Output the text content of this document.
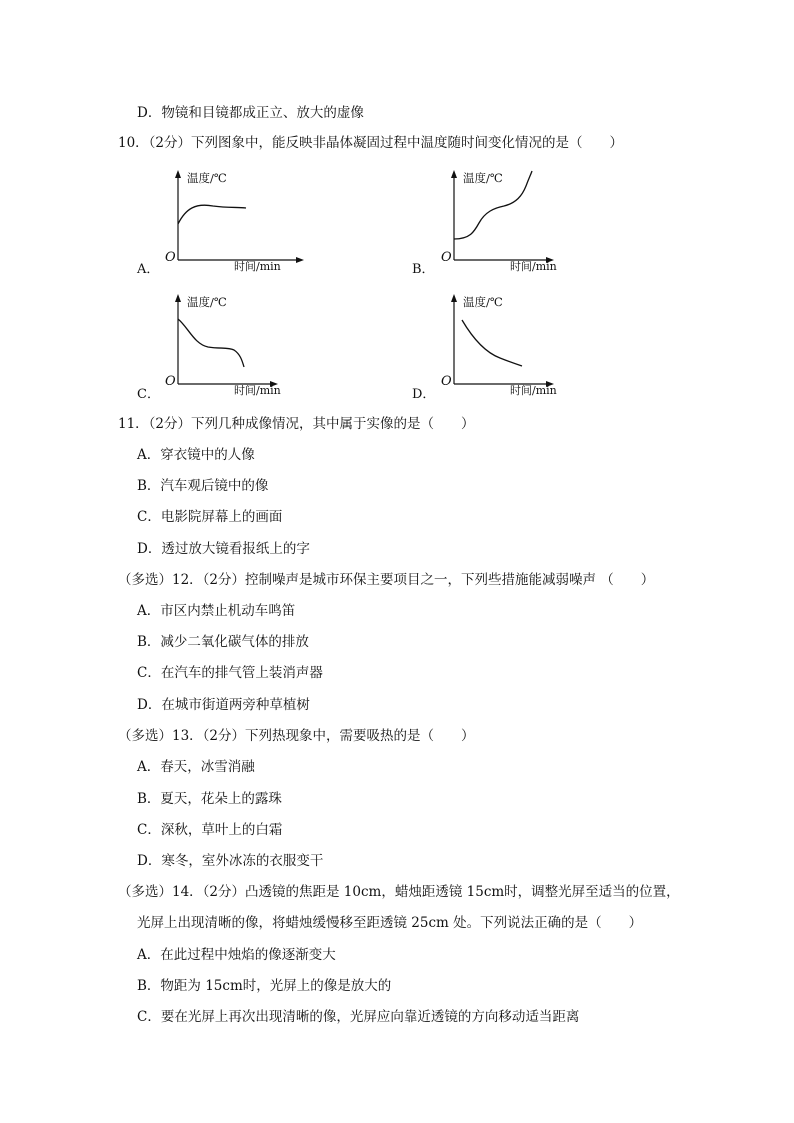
D．物镜和目镜都成正立、放大的虚像
10．（2分）下列图象中，能反映非晶体凝固过程中温度随时间变化情况的是（　　）
温度/℃
时间/min
O
A．
温度/℃
时间/min
O
B．
温度/℃
时间/min
O
C．
温度/℃
时间/min
O
D．
11．（2分）下列几种成像情况，其中属于实像的是（　　）
A．穿衣镜中的人像
B．汽车观后镜中的像
C．电影院屏幕上的画面
D．透过放大镜看报纸上的字
（多选）12．（2分）控制噪声是城市环保主要项目之一，下列些措施能减弱噪声 （　　）
A．市区内禁止机动车鸣笛
B．减少二氧化碳气体的排放
C．在汽车的排气管上装消声器
D．在城市街道两旁种草植树
（多选）13．（2分）下列热现象中，需要吸热的是（　　）
A．春天，冰雪消融
B．夏天，花朵上的露珠
C．深秋，草叶上的白霜
D．寒冬，室外冰冻的衣服变干
（多选）14．（2分）凸透镜的焦距是 10cm，蜡烛距透镜 15cm时，调整光屏至适当的位置，
光屏上出现清晰的像，将蜡烛缓慢移至距透镜 25cm 处。下列说法正确的是（　　）
A．在此过程中烛焰的像逐渐变大
B．物距为 15cm时，光屏上的像是放大的
C．要在光屏上再次出现清晰的像，光屏应向靠近透镜的方向移动适当距离
